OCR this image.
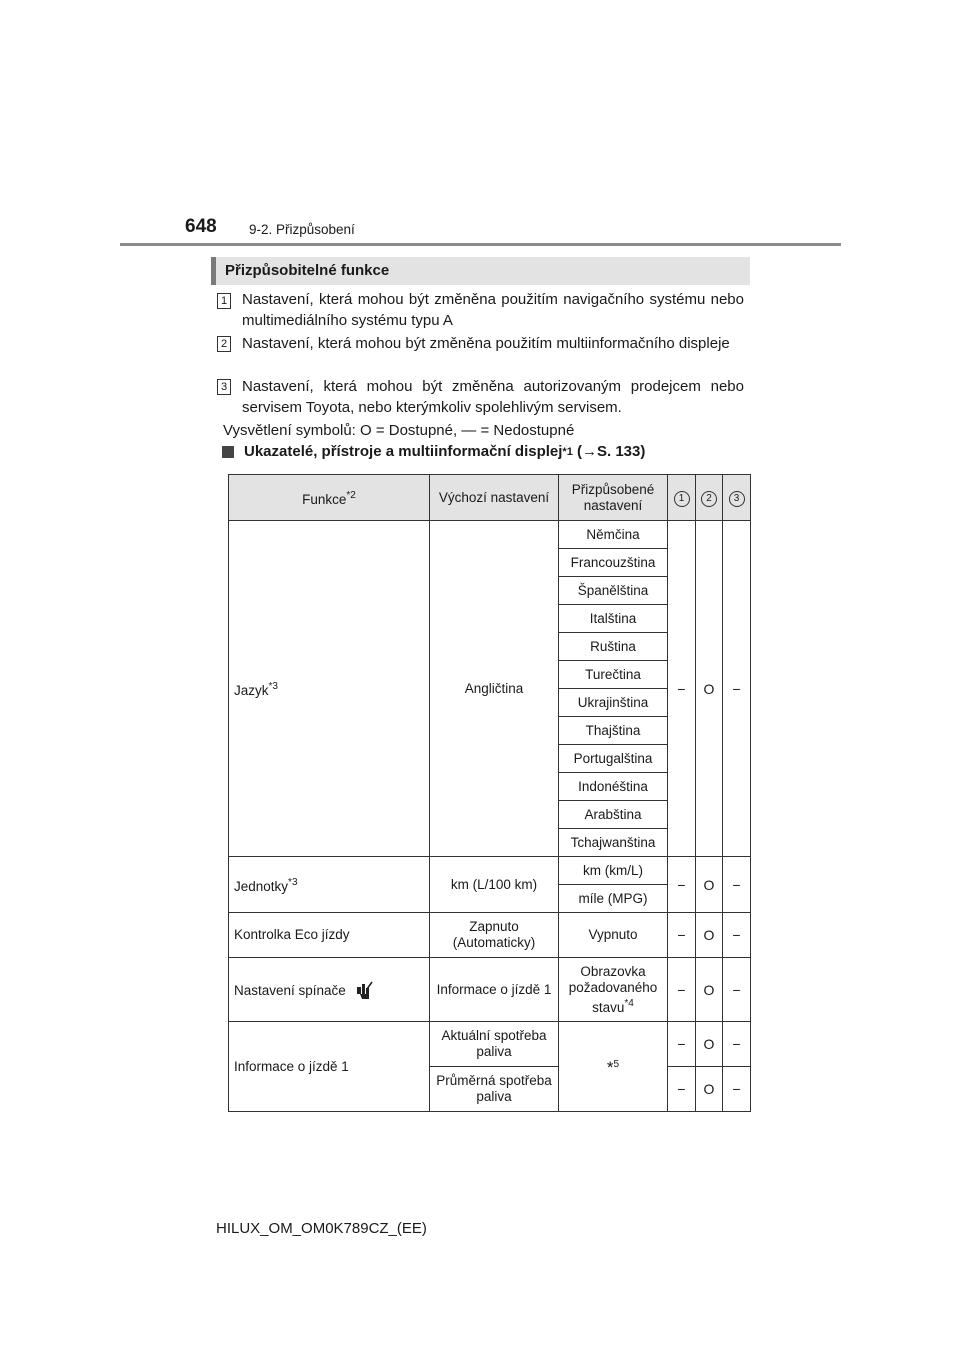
648 9-2. Přizpůsobení
Přizpůsobitelné funkce
1 Nastavení, která mohou být změněna použitím navigačního systému nebo multimediálního systému typu A
2 Nastavení, která mohou být změněna použitím multiinformačního displeje
3 Nastavení, která mohou být změněna autorizovaným prodejcem nebo servisem Toyota, nebo kterýmkoliv spolehlivým servisem.
Vysvětlení symbolů: O = Dostupné, — = Nedostupné
Ukazatelé, přístroje a multiinformační displej *1
(→S. 133)
Funkce$^{*2}$	Výchozí nastavení	Přizpůsobené nastavení	1	2	3
Jazyk$^{*3}$	Angličtina	Němčina	−	O	−
		Francouzština			
		Španělština			
		Italština			
		Ruština			
		Turečtina			
		Ukrajinština			
		Thajština			
		Portugalština			
		Indonéština			
		Arabština			
		Tchajwanština			
Jednotky$^{*3}$	km (L/100 km)	km (km/L)	−	O	−
		míle (MPG)			
Kontrolka Eco jízdy	Zapnuto (Automaticky)	Vypnuto	−	O	−
Nastavení spínače	Informace o jízdě 1	Obrazovka požadovaného stavu$^{*4}$	−	O	−
Informace o jízdě 1	Aktuální spotřeba paliva	*$^5$	−	O	−
	Průměrná spotřeba paliva		−	O	−
HILUX_OM_OM0K789CZ_(EE)
